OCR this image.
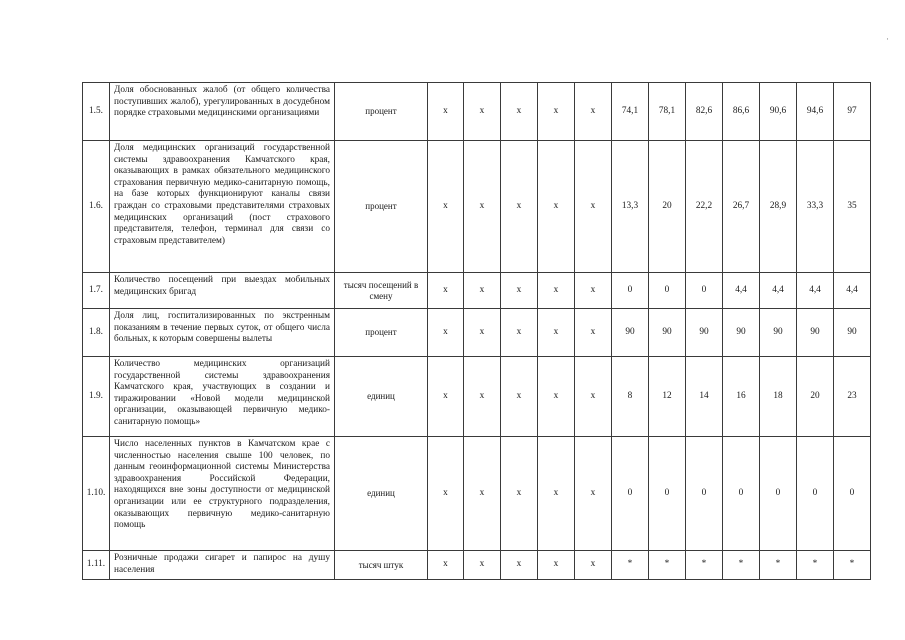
·
1.5.	Доля обоснованных жалоб (от общего количества поступивших жалоб), урегулированных в досудебном порядке страховыми медицинскими организациями	процент	x	x	x	x	x	74,1	78,1	82,6	86,6	90,6	94,6	97
1.6.	Доля медицинских организаций государственной системы здравоохранения Камчатского края, оказывающих в рамках обязательного медицинского страхования первичную медико-санитарную помощь, на базе которых функционируют каналы связи граждан со страховыми представителями страховых медицинских организаций (пост страхового представителя, телефон, терминал для связи со страховым представителем)	процент	x	x	x	x	x	13,3	20	22,2	26,7	28,9	33,3	35
1.7.	Количество посещений при выездах мобильных медицинских бригад	тысяч посещений в смену	x	x	x	x	x	0	0	0	4,4	4,4	4,4	4,4
1.8.	Доля лиц, госпитализированных по экстренным показаниям в течение первых суток, от общего числа больных, к которым совершены вылеты	процент	x	x	x	x	x	90	90	90	90	90	90	90
1.9.	Количество медицинских организаций государственной системы здравоохранения Камчатского края, участвующих в создании и тиражировании «Новой модели медицинской организации, оказывающей первичную медико-санитарную помощь»	единиц	x	x	x	x	x	8	12	14	16	18	20	23
1.10.	Число населенных пунктов в Камчатском крае с численностью населения свыше 100 человек, по данным геоинформационной системы Министерства здравоохранения Российской Федерации, находящихся вне зоны доступности от медицинской организации или ее структурного подразделения, оказывающих первичную медико-санитарную помощь	единиц	x	x	x	x	x	0	0	0	0	0	0	0
1.11.	Розничные продажи сигарет и папирос на душу населения	тысяч штук	x	x	x	x	x	*	*	*	*	*	*	*
